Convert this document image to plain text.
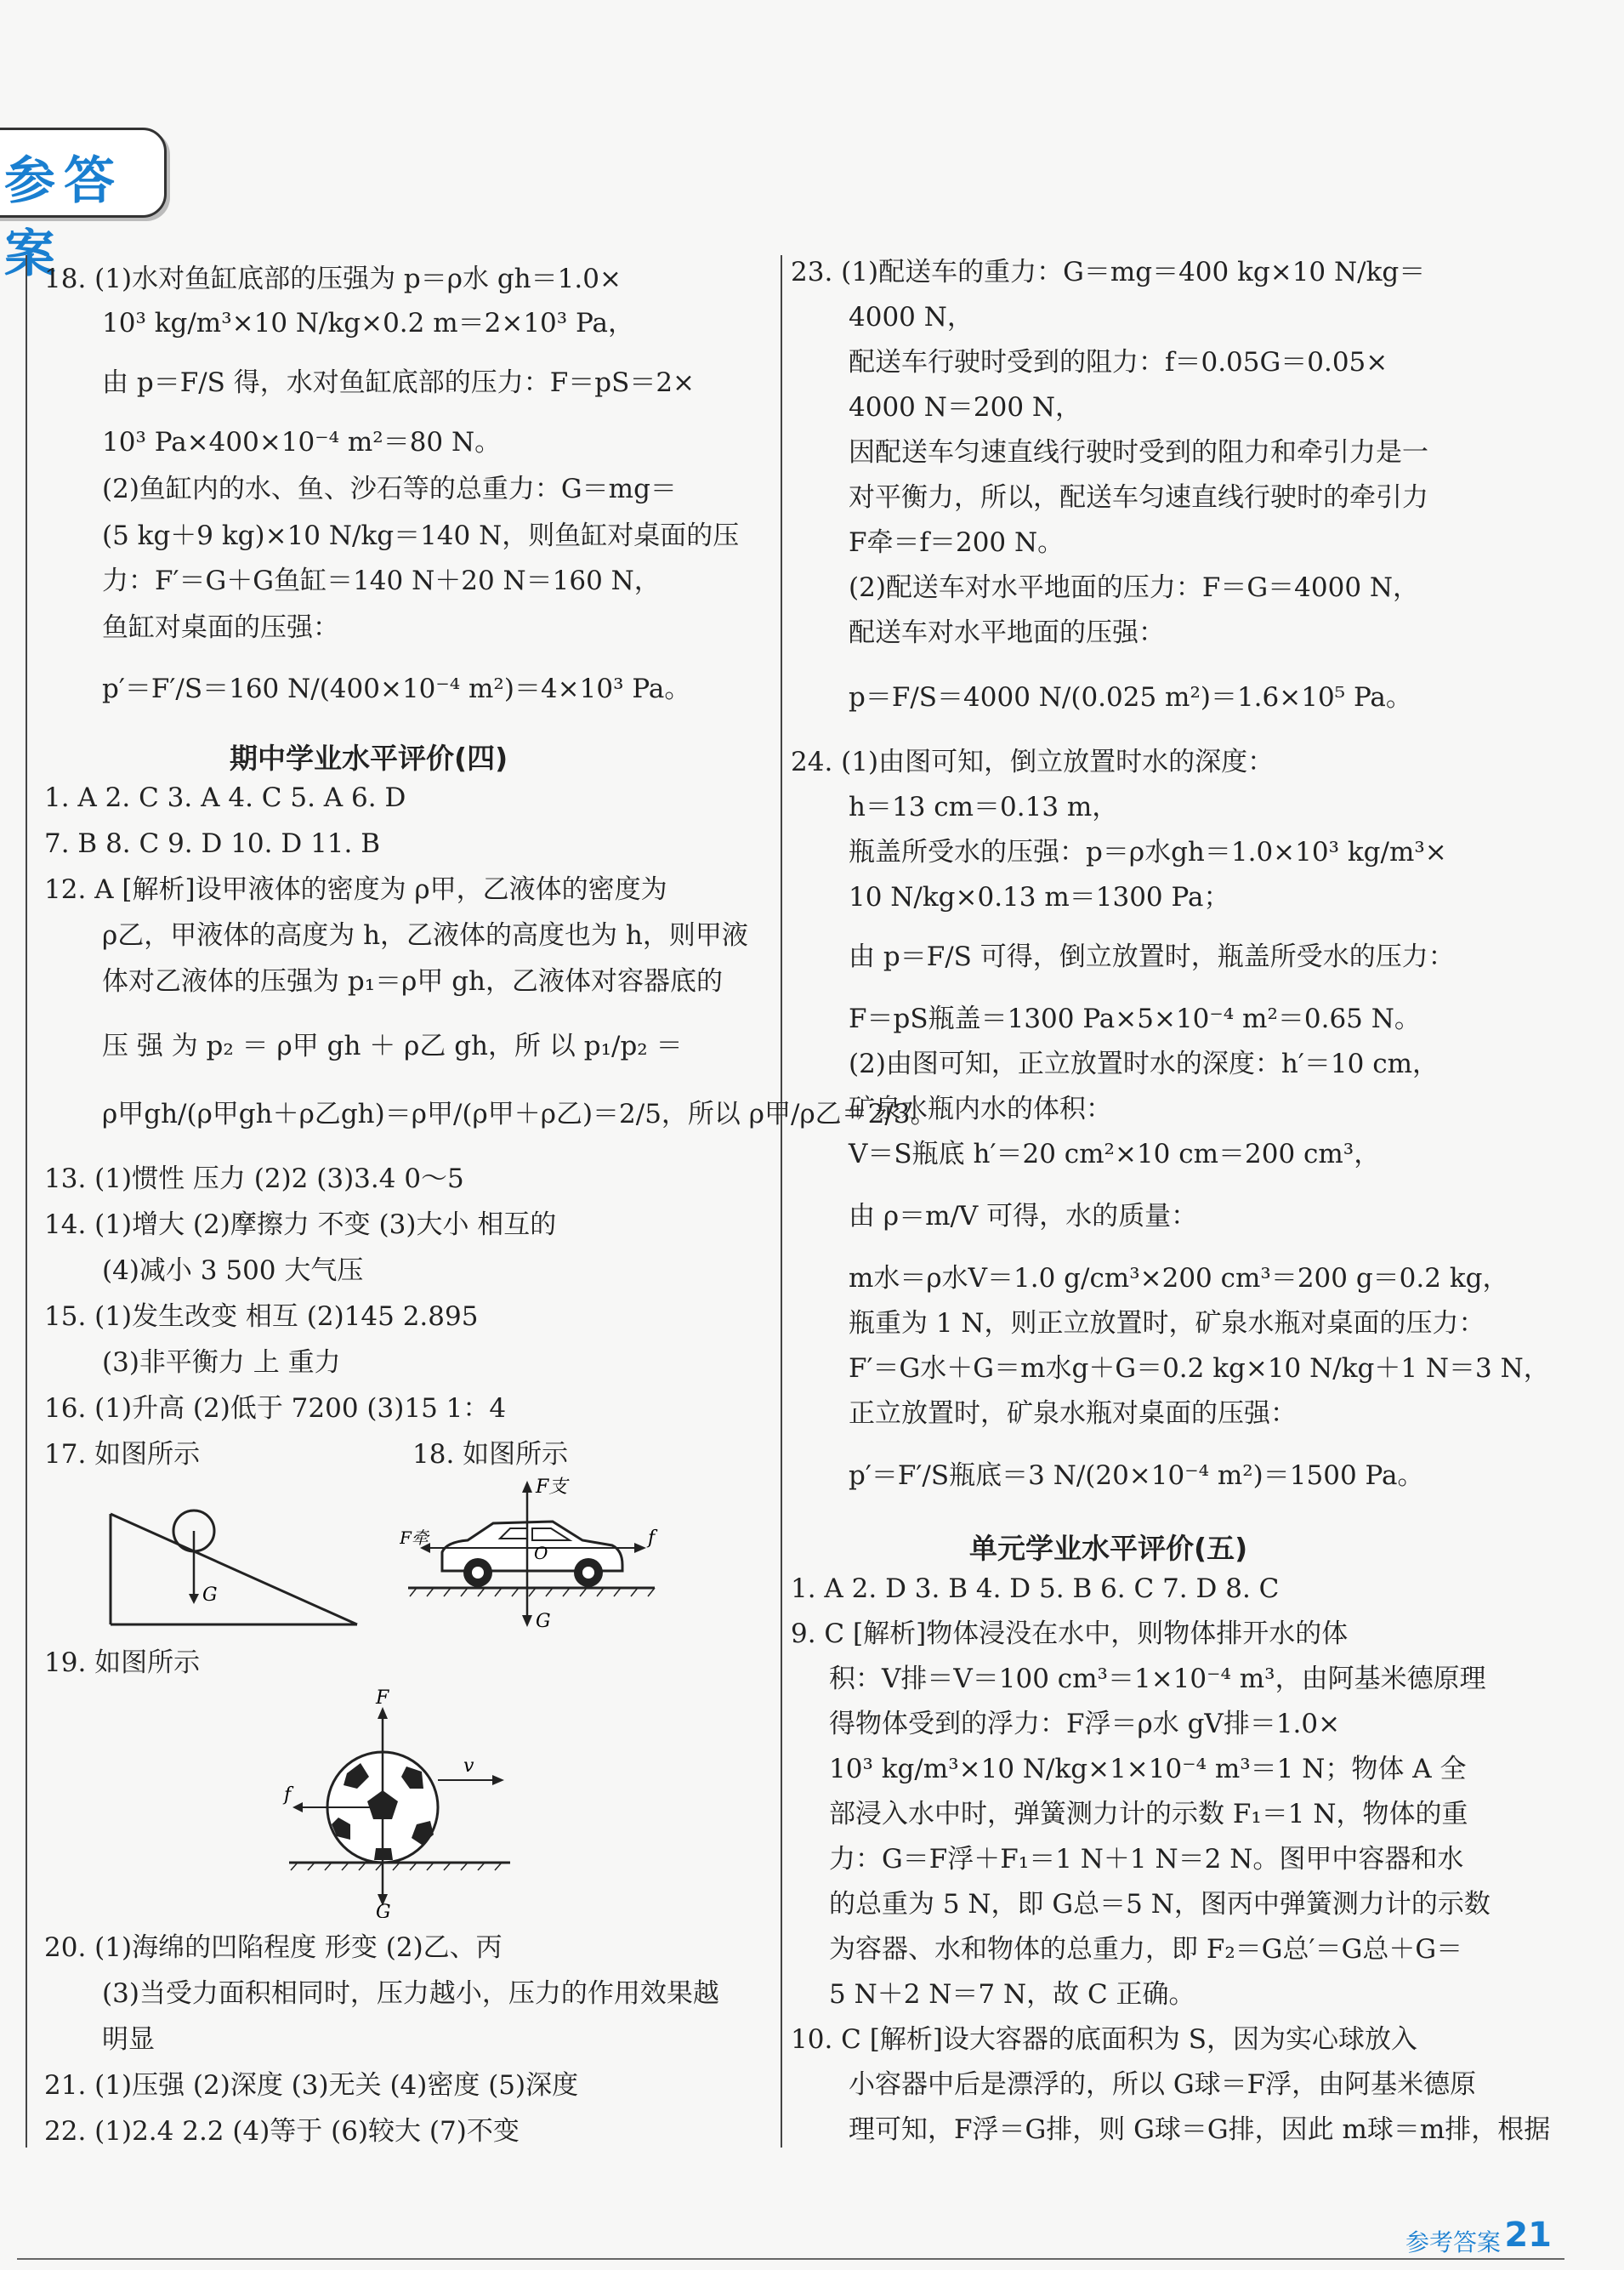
参答案
18. (1)水对鱼缸底部的压强为 p＝ρ水 gh＝1.0×
10³ kg/m³×10 N/kg×0.2 m＝2×10³ Pa，
由 p＝F/S 得，水对鱼缸底部的压力：F＝pS＝2×
10³ Pa×400×10⁻⁴ m²＝80 N。
(2)鱼缸内的水、鱼、沙石等的总重力：G＝mg＝
(5 kg＋9 kg)×10 N/kg＝140 N，则鱼缸对桌面的压
力：F′＝G＋G鱼缸＝140 N＋20 N＝160 N，
鱼缸对桌面的压强：
p′＝F′/S＝160 N/(400×10⁻⁴ m²)＝4×10³ Pa。
期中学业水平评价(四)
1. A 2. C 3. A 4. C 5. A 6. D
7. B 8. C 9. D 10. D 11. B
12. A [解析]设甲液体的密度为 ρ甲，乙液体的密度为
ρ乙，甲液体的高度为 h，乙液体的高度也为 h，则甲液
体对乙液体的压强为 p₁＝ρ甲 gh，乙液体对容器底的
压 强 为 p₂ ＝ ρ甲 gh ＋ ρ乙 gh，所 以 p₁/p₂ ＝
ρ甲gh/(ρ甲gh＋ρ乙gh)＝ρ甲/(ρ甲＋ρ乙)＝2/5，所以 ρ甲/ρ乙＝2/3。
13. (1)惯性 压力 (2)2 (3)3.4 0～5
14. (1)增大 (2)摩擦力 不变 (3)大小 相互的
(4)减小 3 500 大气压
15. (1)发生改变 相互 (2)145 2.895
(3)非平衡力 上 重力
16. (1)升高 (2)低于 7200 (3)15 1：4
17. 如图所示	18. 如图所示
G
F支
F牵	f
G
O
19. 如图所示
F
f
v
G
20. (1)海绵的凹陷程度 形变 (2)乙、丙
(3)当受力面积相同时，压力越小，压力的作用效果越
明显
21. (1)压强 (2)深度 (3)无关 (4)密度 (5)深度
22. (1)2.4 2.2 (4)等于 (6)较大 (7)不变
23. (1)配送车的重力：G＝mg＝400 kg×10 N/kg＝
4000 N，
配送车行驶时受到的阻力：f＝0.05G＝0.05×
4000 N＝200 N，
因配送车匀速直线行驶时受到的阻力和牵引力是一
对平衡力，所以，配送车匀速直线行驶时的牵引力
F牵＝f＝200 N。
(2)配送车对水平地面的压力：F＝G＝4000 N，
配送车对水平地面的压强：
p＝F/S＝4000 N/(0.025 m²)＝1.6×10⁵ Pa。
24. (1)由图可知，倒立放置时水的深度：
h＝13 cm＝0.13 m，
瓶盖所受水的压强：p＝ρ水gh＝1.0×10³ kg/m³×
10 N/kg×0.13 m＝1300 Pa；
由 p＝F/S 可得，倒立放置时，瓶盖所受水的压力：
F＝pS瓶盖＝1300 Pa×5×10⁻⁴ m²＝0.65 N。
(2)由图可知，正立放置时水的深度：h′＝10 cm，
矿泉水瓶内水的体积：
V＝S瓶底 h′＝20 cm²×10 cm＝200 cm³，
由 ρ＝m/V 可得，水的质量：
m水＝ρ水V＝1.0 g/cm³×200 cm³＝200 g＝0.2 kg，
瓶重为 1 N，则正立放置时，矿泉水瓶对桌面的压力：
F′＝G水＋G＝m水g＋G＝0.2 kg×10 N/kg＋1 N＝3 N，
正立放置时，矿泉水瓶对桌面的压强：
p′＝F′/S瓶底＝3 N/(20×10⁻⁴ m²)＝1500 Pa。
单元学业水平评价(五)
1. A 2. D 3. B 4. D 5. B 6. C 7. D 8. C
9. C [解析]物体浸没在水中，则物体排开水的体
积：V排＝V＝100 cm³＝1×10⁻⁴ m³，由阿基米德原理
得物体受到的浮力：F浮＝ρ水 gV排＝1.0×
10³ kg/m³×10 N/kg×1×10⁻⁴ m³＝1 N；物体 A 全
部浸入水中时，弹簧测力计的示数 F₁＝1 N，物体的重
力：G＝F浮＋F₁＝1 N＋1 N＝2 N。图甲中容器和水
的总重为 5 N，即 G总＝5 N，图丙中弹簧测力计的示数
为容器、水和物体的总重力，即 F₂＝G总′＝G总＋G＝
5 N＋2 N＝7 N，故 C 正确。
10. C [解析]设大容器的底面积为 S，因为实心球放入
小容器中后是漂浮的，所以 G球＝F浮，由阿基米德原
理可知，F浮＝G排，则 G球＝G排，因此 m球＝m排，根据
参考答案 21
